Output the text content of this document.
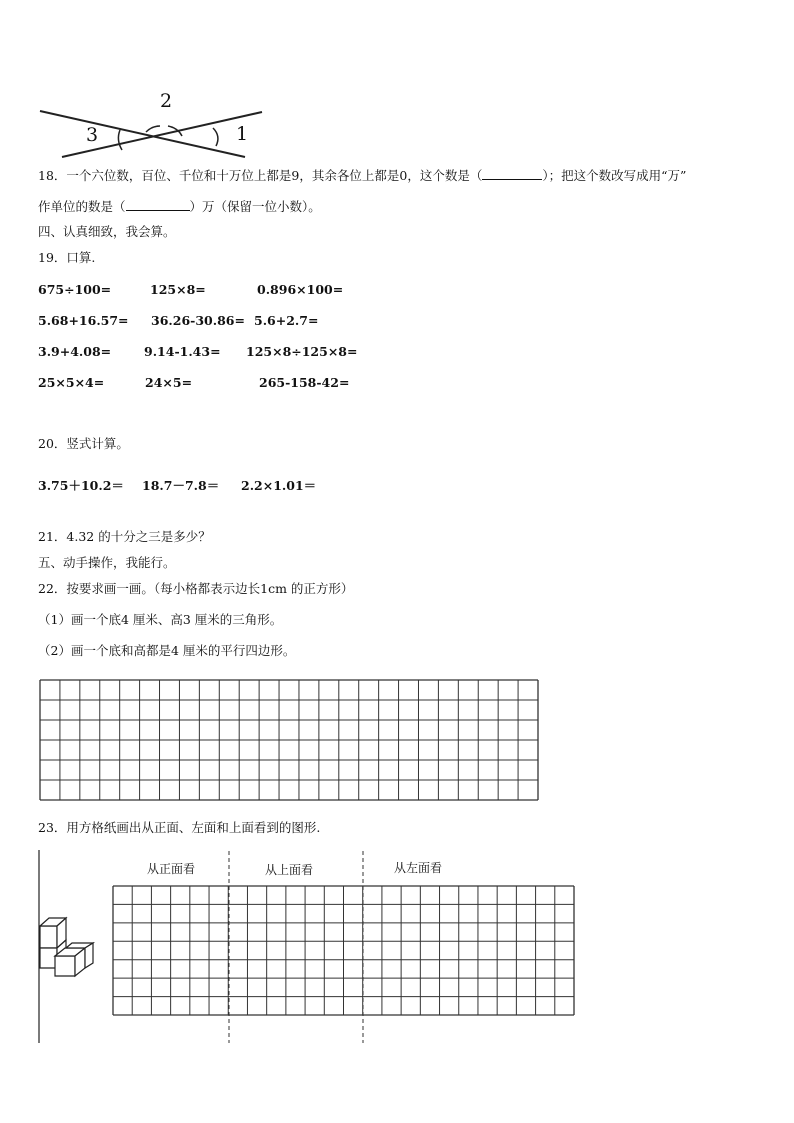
2
3	1
18．一个六位数，百位、千位和十万位上都是9，其余各位上都是0，这个数是（	）；把这个数改写成用“万”
作单位的数是（	）万（保留一位小数）。
四、认真细致，我会算。
19．口算.
675÷100=	125×8=	0.896×100=
5.68+16.57= 36.26-30.86= 5.6+2.7=
3.9+4.08=	9.14-1.43= 125×8÷125×8=
25×5×4=	24×5=	265-158-42=
20．竖式计算。
3.75＋10.2＝ 18.7－7.8＝ 2.2×1.01＝
21．4.32 的十分之三是多少？
五、动手操作，我能行。
22．按要求画一画。（每小格都表示边长1cm 的正方形）
（1）画一个底4 厘米、高3 厘米的三角形。
（2）画一个底和高都是4 厘米的平行四边形。
23．用方格纸画出从正面、左面和上面看到的图形.
从正面看	从上面看	从左面看
